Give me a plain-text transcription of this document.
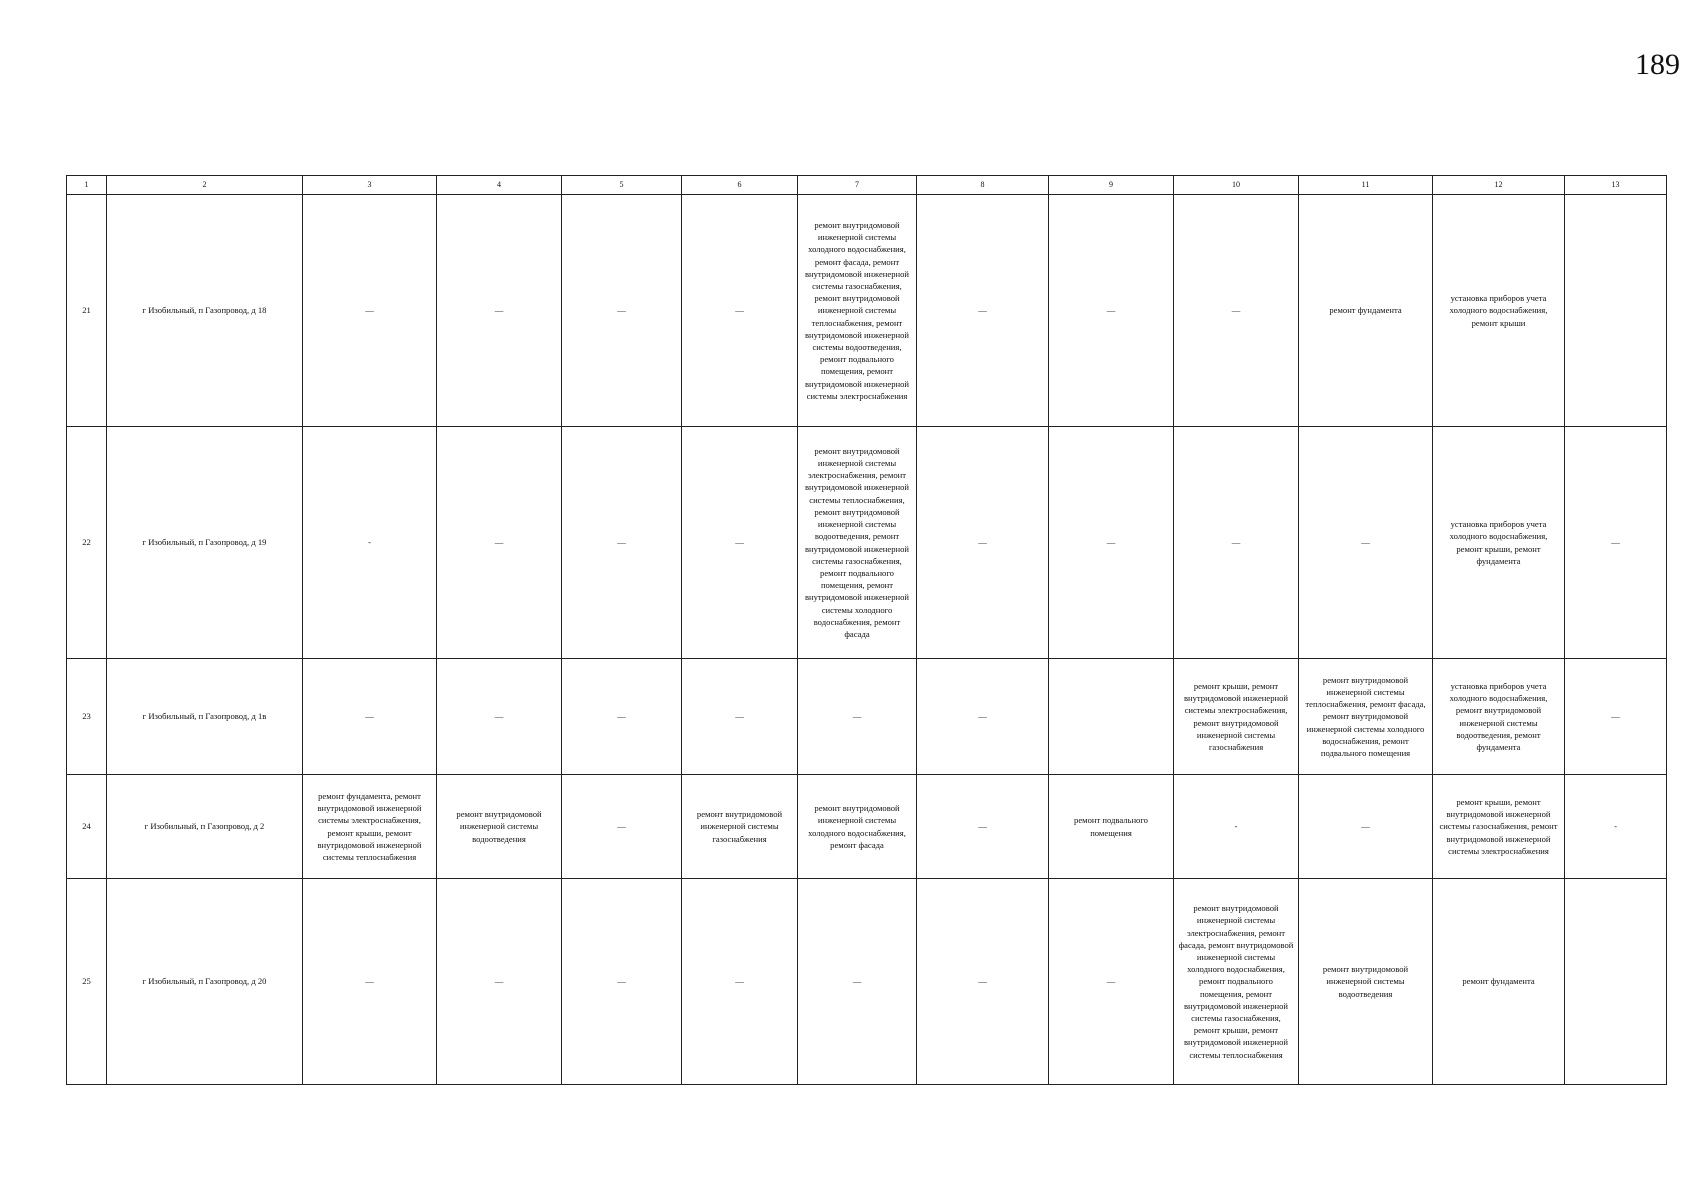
189
1	2	3	4	5	6	7	8	9	10	11	12	13
21	г Изобильный, п Газопровод, д 18	—	—	—	—	ремонт внутридомовой инженерной системы холодного водоснабжения, ремонт фасада, ремонт внутридомовой инженерной системы газоснабжения, ремонт внутридомовой инженерной системы теплоснабжения, ремонт внутридомовой инженерной системы водоотведения, ремонт подвального помещения, ремонт внутридомовой инженерной системы электроснабжения	—	—	—	ремонт фундамента	установка приборов учета холодного водоснабжения, ремонт крыши	
22	г Изобильный, п Газопровод, д 19	-	—	—	—	ремонт внутридомовой инженерной системы электроснабжения, ремонт внутридомовой инженерной системы теплоснабжения, ремонт внутридомовой инженерной системы водоотведения, ремонт внутридомовой инженерной системы газоснабжения, ремонт подвального помещения, ремонт внутридомовой инженерной системы холодного водоснабжения, ремонт фасада	—	—	—	—	установка приборов учета холодного водоснабжения, ремонт крыши, ремонт фундамента	—
23	г Изобильный, п Газопровод, д 1в	—	—	—	—	—	—		ремонт крыши, ремонт внутридомовой инженерной системы электроснабжения, ремонт внутридомовой инженерной системы газоснабжения	ремонт внутридомовой инженерной системы теплоснабжения, ремонт фасада, ремонт внутридомовой инженерной системы холодного водоснабжения, ремонт подвального помещения	установка приборов учета холодного водоснабжения, ремонт внутридомовой инженерной системы водоотведения, ремонт фундамента	—
24	г Изобильный, п Газопровод, д 2	ремонт фундамента, ремонт внутридомовой инженерной системы электроснабжения, ремонт крыши, ремонт внутридомовой инженерной системы теплоснабжения	ремонт внутридомовой инженерной системы водоотведения	—	ремонт внутридомовой инженерной системы газоснабжения	ремонт внутридомовой инженерной системы холодного водоснабжения, ремонт фасада	—	ремонт подвального помещения	-	—	ремонт крыши, ремонт внутридомовой инженерной системы газоснабжения, ремонт внутридомовой инженерной системы электроснабжения	-
25	г Изобильный, п Газопровод, д 20	—	—	—	—	—	—	—	ремонт внутридомовой инженерной системы электроснабжения, ремонт фасада, ремонт внутридомовой инженерной системы холодного водоснабжения, ремонт подвального помещения, ремонт внутридомовой инженерной системы газоснабжения, ремонт крыши, ремонт внутридомовой инженерной системы теплоснабжения	ремонт внутридомовой инженерной системы водоотведения	ремонт фундамента	
